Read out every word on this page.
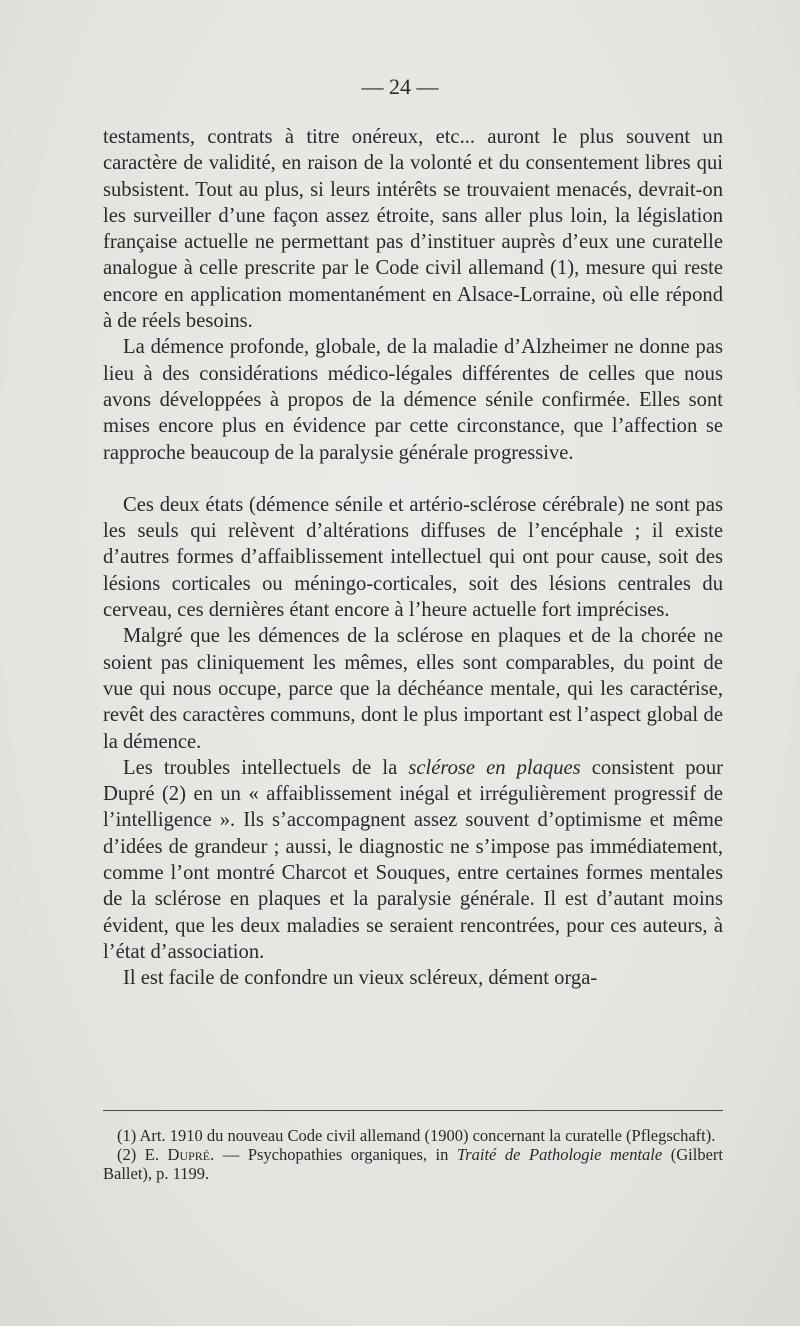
— 24 —

testaments, contrats à titre onéreux, etc... auront le plus souvent un caractère de validité, en raison de la volonté et du consentement libres qui subsistent. Tout au plus, si leurs intérêts se trouvaient menacés, devrait-on les surveiller d’une façon assez étroite, sans aller plus loin, la législation française actuelle ne permettant pas d’instituer auprès d’eux une curatelle analogue à celle prescrite par le Code civil allemand (1), mesure qui reste encore en application momentanément en Alsace-Lorraine, où elle répond à de réels besoins.

La démence profonde, globale, de la maladie d’Alzheimer ne donne pas lieu à des considérations médico-légales différentes de celles que nous avons développées à propos de la démence sénile confirmée. Elles sont mises encore plus en évidence par cette circonstance, que l’affection se rapproche beaucoup de la paralysie générale progressive.

Ces deux états (démence sénile et artério-sclérose cérébrale) ne sont pas les seuls qui relèvent d’altérations diffuses de l’encéphale ; il existe d’autres formes d’affaiblissement intellectuel qui ont pour cause, soit des lésions corticales ou méningo-corticales, soit des lésions centrales du cerveau, ces dernières étant encore à l’heure actuelle fort imprécises.

Malgré que les démences de la sclérose en plaques et de la chorée ne soient pas cliniquement les mêmes, elles sont comparables, du point de vue qui nous occupe, parce que la déchéance mentale, qui les caractérise, revêt des caractères communs, dont le plus important est l’aspect global de la démence.

Les troubles intellectuels de la sclérose en plaques consistent pour Dupré (2) en un « affaiblissement inégal et irrégulièrement progressif de l’intelligence ». Ils s’accompagnent assez souvent d’optimisme et même d’idées de grandeur ; aussi, le diagnostic ne s’impose pas immédiatement, comme l’ont montré Charcot et Souques, entre certaines formes mentales de la sclérose en plaques et la paralysie générale. Il est d’autant moins évident, que les deux maladies se seraient rencontrées, pour ces auteurs, à l’état d’association.

Il est facile de confondre un vieux scléreux, dément orga-

(1) Art. 1910 du nouveau Code civil allemand (1900) concernant la curatelle (Pflegschaft).

(2) E. Dupré. — Psychopathies organiques, in Traité de Pathologie mentale (Gilbert Ballet), p. 1199.
